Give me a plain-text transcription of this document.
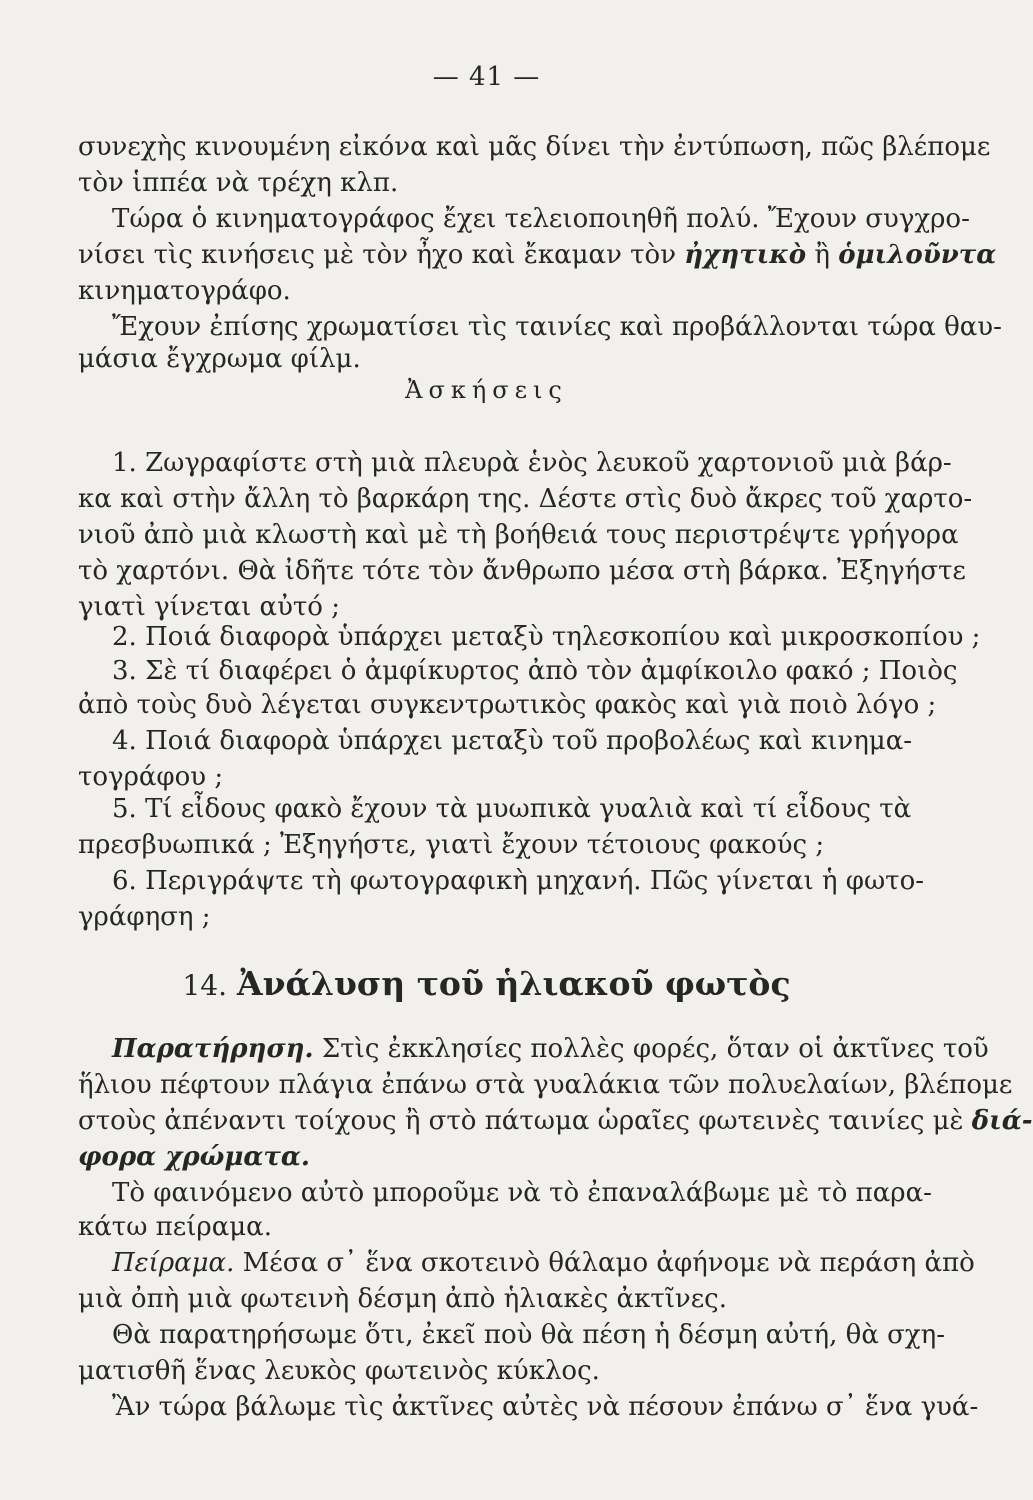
— 41 —
συνεχὴς κινουμένη εἰκόνα καὶ μᾶς δίνει τὴν ἐντύπωση, πῶς βλέπομε
τὸν ἱππέα νὰ τρέχη κλπ.
Τώρα ὁ κινηματογράφος ἔχει τελειοποιηθῆ πολύ. Ἔχουν συγχρο-
νίσει τὶς κινήσεις μὲ τὸν ἦχο καὶ ἔκαμαν τὸν ἠχητικὸ ἢ ὁμιλοῦντα
κινηματογράφο.
Ἔχουν ἐπίσης χρωματίσει τὶς ταινίες καὶ προβάλλονται τώρα θαυ-
μάσια ἔγχρωμα φίλμ.
Ἀσκήσεις
1. Ζωγραφίστε στὴ μιὰ πλευρὰ ἑνὸς λευκοῦ χαρτονιοῦ μιὰ βάρ-
κα καὶ στὴν ἄλλη τὸ βαρκάρη της. Δέστε στὶς δυὸ ἄκρες τοῦ χαρτο-
νιοῦ ἀπὸ μιὰ κλωστὴ καὶ μὲ τὴ βοήθειά τους περιστρέψτε γρήγορα
τὸ χαρτόνι. Θὰ ἰδῆτε τότε τὸν ἄνθρωπο μέσα στὴ βάρκα. Ἐξηγήστε
γιατὶ γίνεται αὐτό ;
2. Ποιά διαφορὰ ὑπάρχει μεταξὺ τηλεσκοπίου καὶ μικροσκοπίου ;
3. Σὲ τί διαφέρει ὁ ἀμφίκυρτος ἀπὸ τὸν ἀμφίκοιλο φακό ; Ποιὸς
ἀπὸ τοὺς δυὸ λέγεται συγκεντρωτικὸς φακὸς καὶ γιὰ ποιὸ λόγο ;
4. Ποιά διαφορὰ ὑπάρχει μεταξὺ τοῦ προβολέως καὶ κινημα-
τογράφου ;
5. Τί εἶδους φακὸ ἔχουν τὰ μυωπικὰ γυαλιὰ καὶ τί εἶδους τὰ
πρεσβυωπικά ; Ἐξηγήστε, γιατὶ ἔχουν τέτοιους φακούς ;
6. Περιγράψτε τὴ φωτογραφικὴ μηχανή. Πῶς γίνεται ἡ φωτο-
γράφηση ;
14. Ἀνάλυση τοῦ ἡλιακοῦ φωτὸς
Παρατήρηση. Στὶς ἐκκλησίες πολλὲς φορές, ὅταν οἱ ἀκτῖνες τοῦ
ἥλιου πέφτουν πλάγια ἐπάνω στὰ γυαλάκια τῶν πολυελαίων, βλέπομε
στοὺς ἀπέναντι τοίχους ἢ στὸ πάτωμα ὡραῖες φωτεινὲς ταινίες μὲ διά-
φορα χρώματα.
Τὸ φαινόμενο αὐτὸ μποροῦμε νὰ τὸ ἐπαναλάβωμε μὲ τὸ παρα-
κάτω πείραμα.
Πείραμα. Μέσα σ᾿ ἕνα σκοτεινὸ θάλαμο ἀφήνομε νὰ περάση ἀπὸ
μιὰ ὀπὴ μιὰ φωτεινὴ δέσμη ἀπὸ ἡλιακὲς ἀκτῖνες.
Θὰ παρατηρήσωμε ὅτι, ἐκεῖ ποὺ θὰ πέση ἡ δέσμη αὐτή, θὰ σχη-
ματισθῆ ἕνας λευκὸς φωτεινὸς κύκλος.
Ἂν τώρα βάλωμε τὶς ἀκτῖνες αὐτὲς νὰ πέσουν ἐπάνω σ᾿ ἕνα γυά-
